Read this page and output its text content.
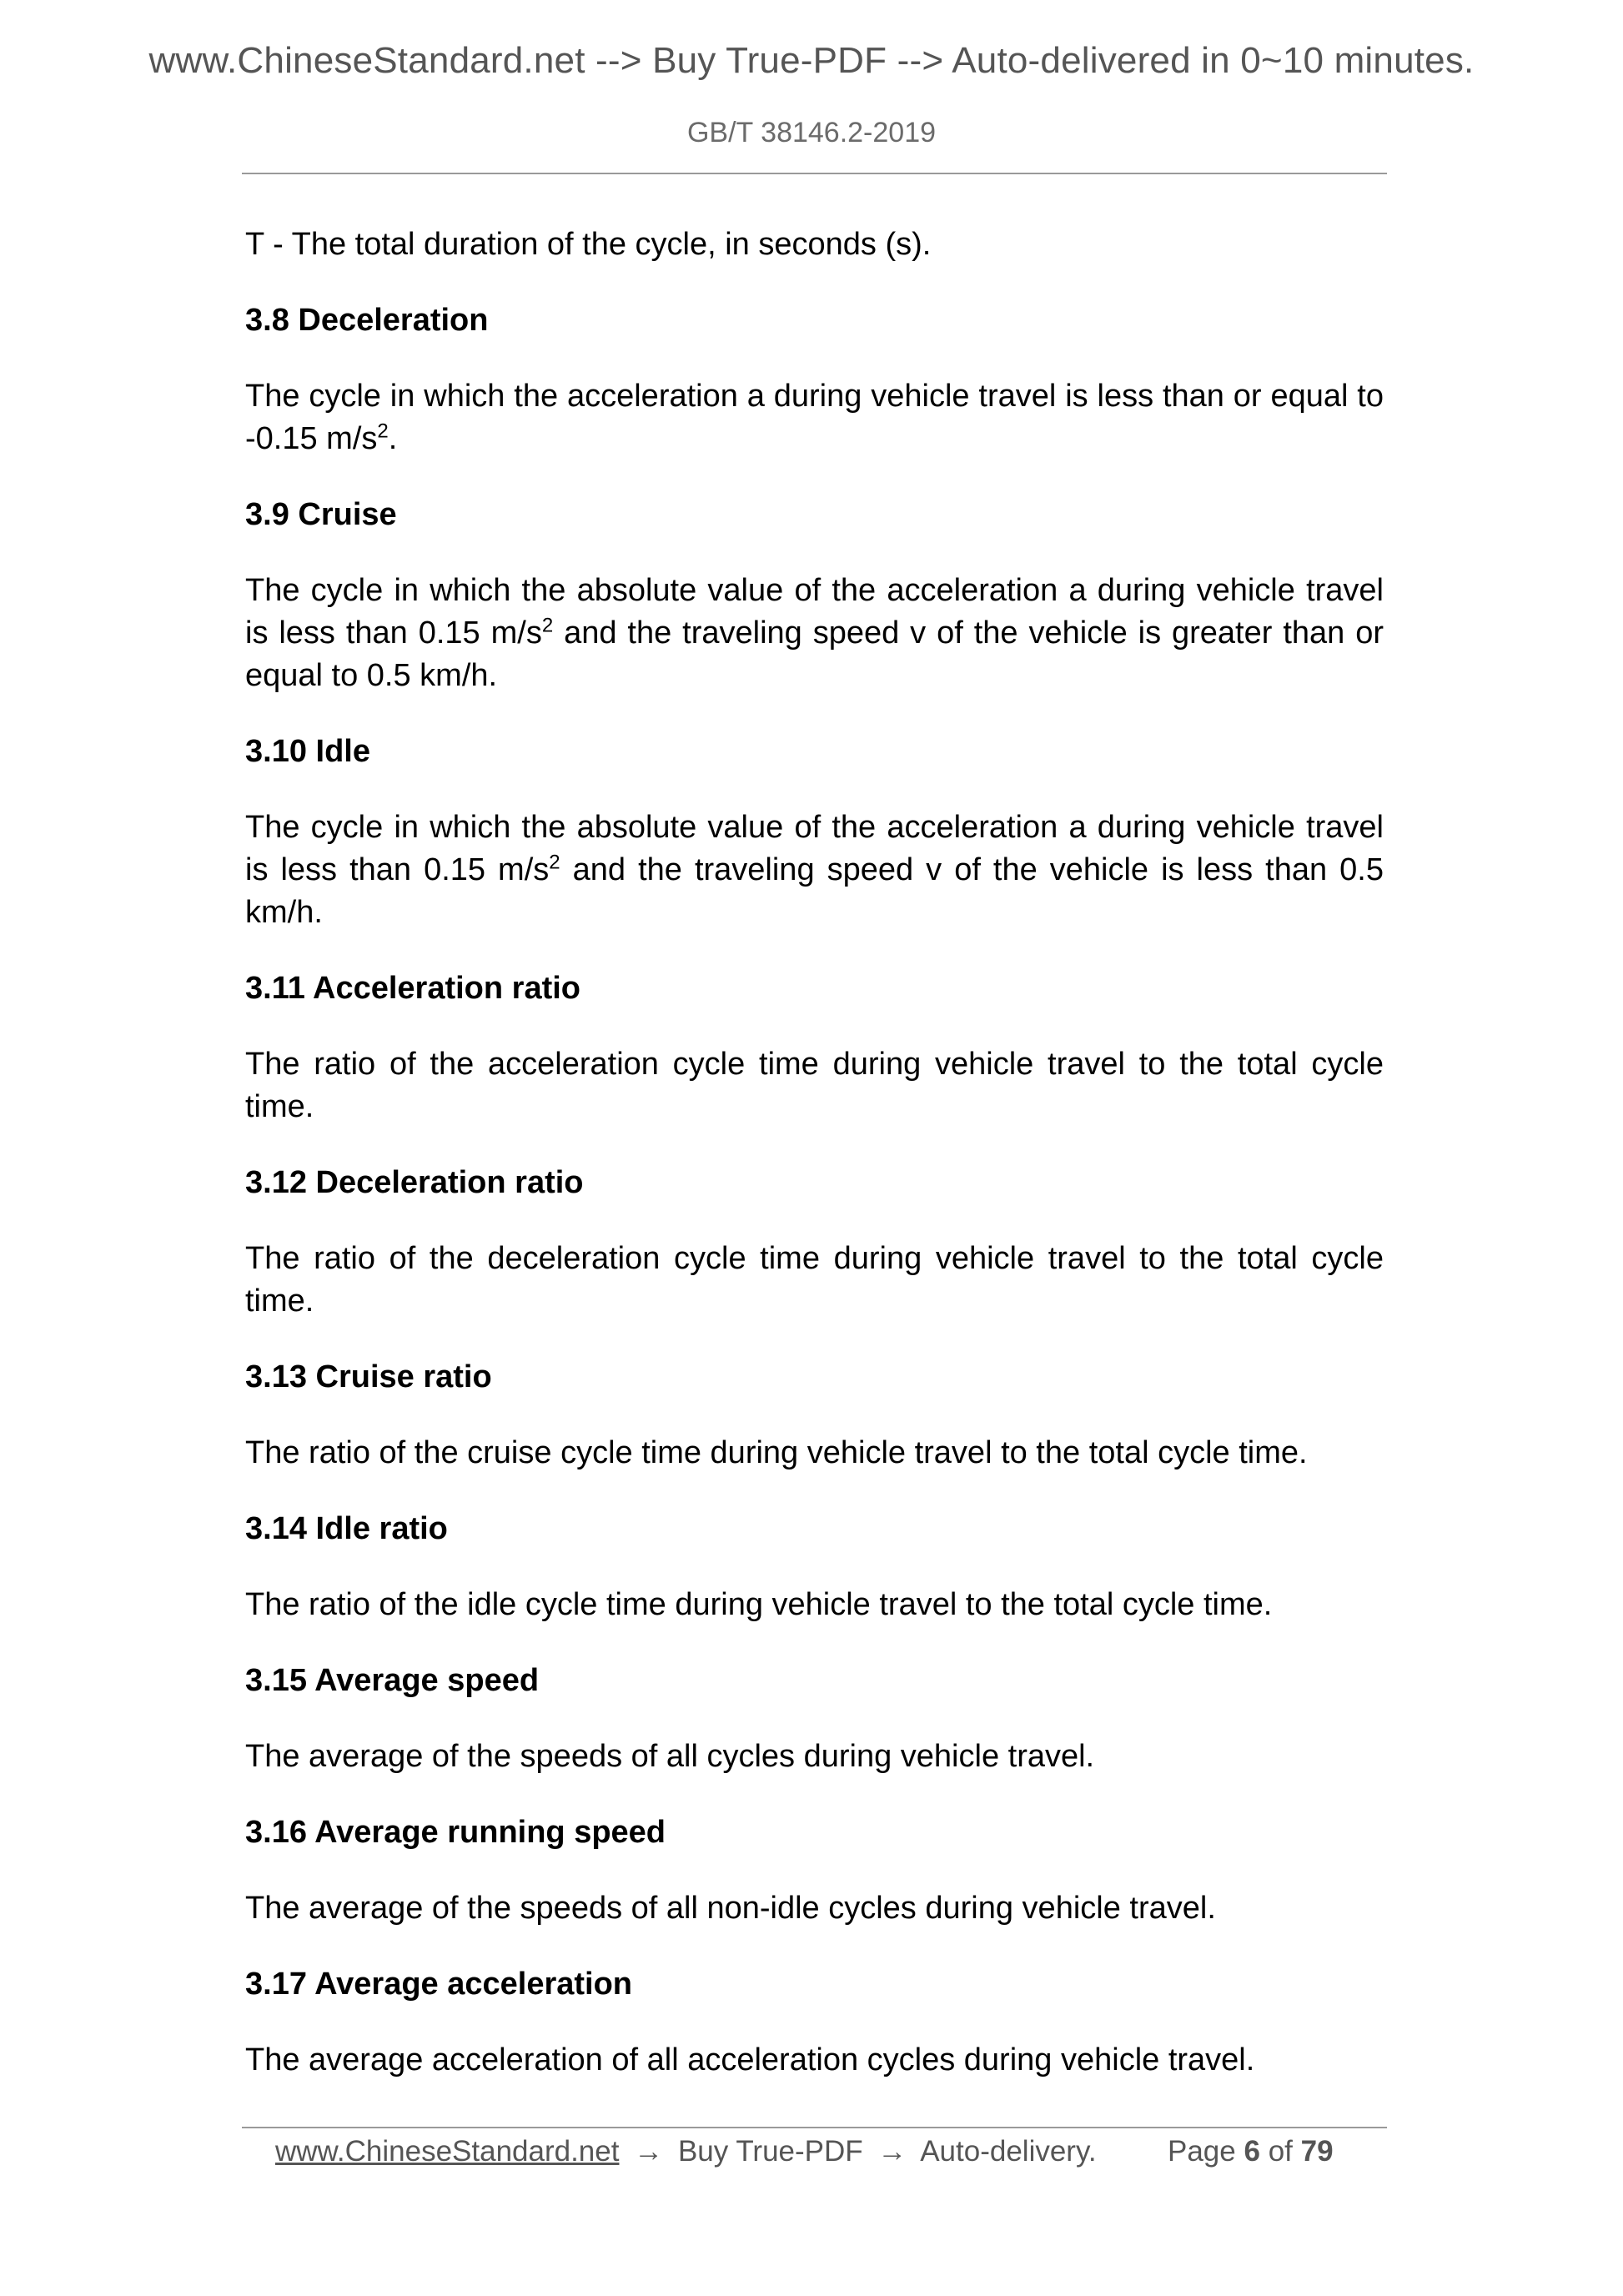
www.ChineseStandard.net --> Buy True-PDF --> Auto-delivered in 0~10 minutes.
GB/T 38146.2-2019

T - The total duration of the cycle, in seconds (s).

3.8 Deceleration

The cycle in which the acceleration a during vehicle travel is less than or equal to -0.15 $m/s^2$.

3.9 Cruise

The cycle in which the absolute value of the acceleration a during vehicle travel is less than 0.15 $m/s^2$ and the traveling speed v of the vehicle is greater than or equal to 0.5 km/h.

3.10 Idle

The cycle in which the absolute value of the acceleration a during vehicle travel is less than 0.15 $m/s^2$ and the traveling speed v of the vehicle is less than 0.5 km/h.

3.11 Acceleration ratio

The ratio of the acceleration cycle time during vehicle travel to the total cycle time.

3.12 Deceleration ratio

The ratio of the deceleration cycle time during vehicle travel to the total cycle time.

3.13 Cruise ratio

The ratio of the cruise cycle time during vehicle travel to the total cycle time.

3.14 Idle ratio

The ratio of the idle cycle time during vehicle travel to the total cycle time.

3.15 Average speed

The average of the speeds of all cycles during vehicle travel.

3.16 Average running speed

The average of the speeds of all non-idle cycles during vehicle travel.

3.17 Average acceleration

The average acceleration of all acceleration cycles during vehicle travel.

www.ChineseStandard.net → Buy True-PDF → Auto-delivery. Page 6 of 79
